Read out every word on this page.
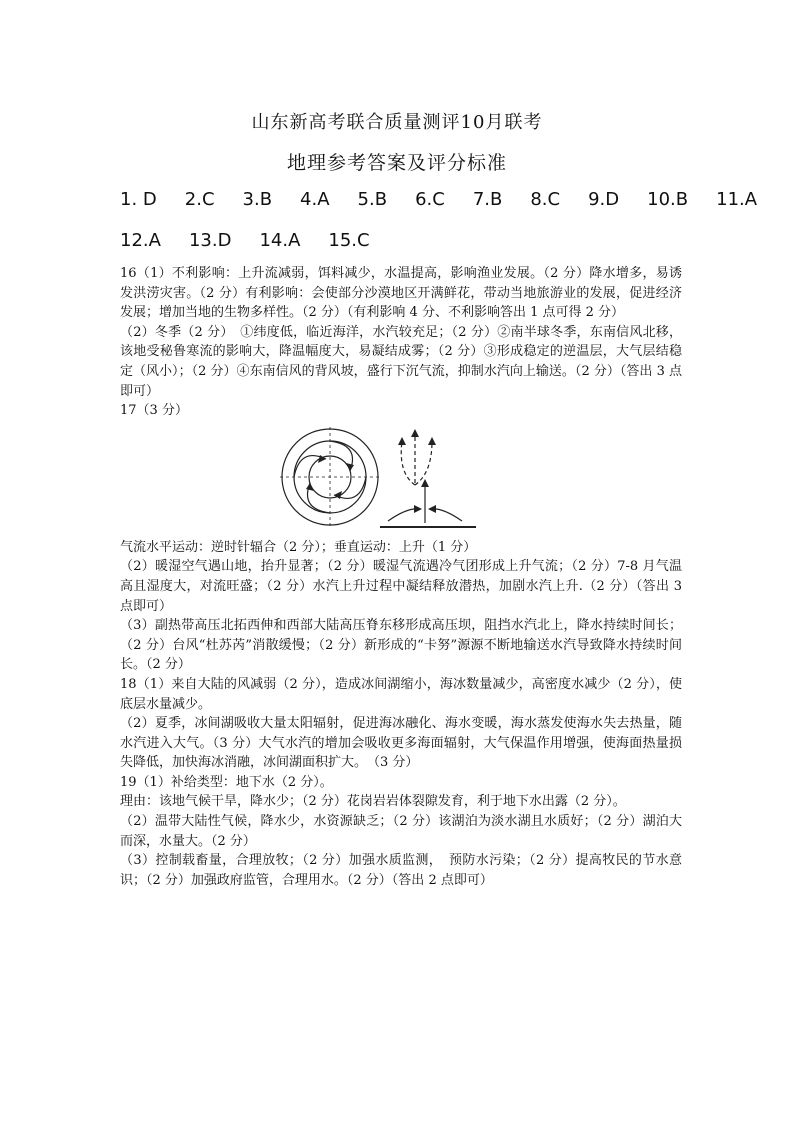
山东新高考联合质量测评10月联考
地理参考答案及评分标准
1. D 2.C 3.B 4.A 5.B 6.C 7.B 8.C 9.D 10.B 11.A
12.A 13.D 14.A 15.C

16（1）不利影响：上升流减弱，饵料减少，水温提高，影响渔业发展。（2 分）降水增多，易诱发洪涝灾害。（2 分）有利影响：会使部分沙漠地区开满鲜花，带动当地旅游业的发展，促进经济发展；增加当地的生物多样性。（2 分）（有利影响 4 分、不利影响答出 1 点可得 2 分）

（2）冬季（2 分）　①纬度低，临近海洋，水汽较充足；（2 分）②南半球冬季，东南信风北移，该地受秘鲁寒流的影响大，降温幅度大，易凝结成雾；（2 分）③形成稳定的逆温层，大气层结稳定（风小）；（2 分）④东南信风的背风坡，盛行下沉气流，抑制水汽向上输送。（2 分）（答出 3 点即可）

17（3 分）

气流水平运动：逆时针辐合（2 分）；垂直运动：上升（1 分）

（2）暖湿空气遇山地，抬升显著；（2 分）暖湿气流遇冷气团形成上升气流；（2 分）7-8 月气温高且湿度大，对流旺盛；（2 分）水汽上升过程中凝结释放潜热，加剧水汽上升.（2 分）（答出 3 点即可）

（3）副热带高压北拓西伸和西部大陆高压脊东移形成高压坝，阻挡水汽北上，降水持续时间长；（2 分）台风“杜苏芮”消散缓慢；（2 分）新形成的“卡努”源源不断地输送水汽导致降水持续时间长。（2 分）

18（1）来自大陆的风减弱（2 分），造成冰间湖缩小，海冰数量减少，高密度水减少（2 分），使底层水量减少。

（2）夏季，冰间湖吸收大量太阳辐射，促进海冰融化、海水变暖，海水蒸发使海水失去热量，随水汽进入大气。（3 分）大气水汽的增加会吸收更多海面辐射，大气保温作用增强，使海面热量损失降低，加快海冰消融，冰间湖面积扩大。　（3 分）

19（1）补给类型：地下水（2 分）。

理由：该地气候干旱，降水少；（2 分）花岗岩岩体裂隙发育，利于地下水出露（2 分）。

（2）温带大陆性气候，降水少，水资源缺乏；（2 分）该湖泊为淡水湖且水质好；（2 分）湖泊大而深，水量大。（2 分）

（3）控制载畜量，合理放牧；（2 分）加强水质监测，　预防水污染；（2 分）提高牧民的节水意识；（2 分）加强政府监管，合理用水。（2 分）（答出 2 点即可）
